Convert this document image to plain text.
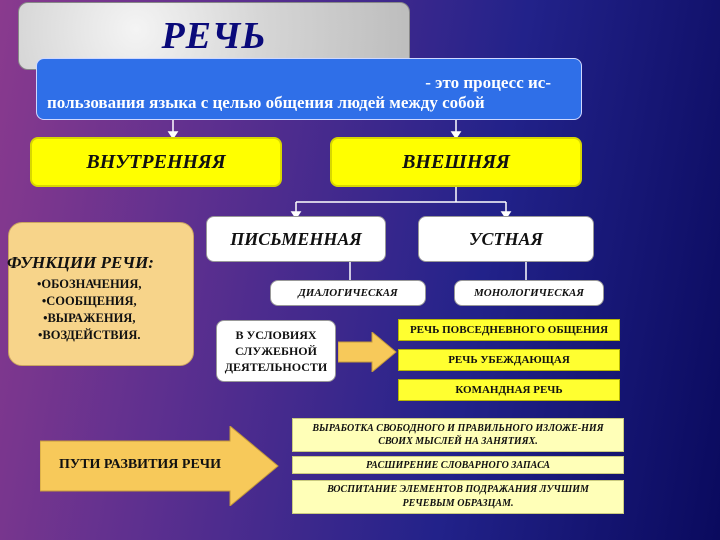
РЕЧЬ
- это процесс ис-
пользования языка с целью общения людей между собой
ВНУТРЕННЯЯ	ВНЕШНЯЯ
ПИСЬМЕННАЯ	УСТНАЯ
ДИАЛОГИЧЕСКАЯ	МОНОЛОГИЧЕСКАЯ
ФУНКЦИИ РЕЧИ:
•ОБОЗНАЧЕНИЯ,
•СООБЩЕНИЯ,
•ВЫРАЖЕНИЯ,
•ВОЗДЕЙСТВИЯ.	В УСЛОВИЯХ СЛУЖЕБНОЙ ДЕЯТЕЛЬНОСТИ
РЕЧЬ ПОВСЕДНЕВНОГО ОБЩЕНИЯ
РЕЧЬ УБЕЖДАЮЩАЯ
КОМАНДНАЯ РЕЧЬ
ПУТИ РАЗВИТИЯ РЕЧИ
ВЫРАБОТКА СВОБОДНОГО И ПРАВИЛЬНОГО ИЗЛОЖЕ-НИЯ СВОИХ МЫСЛЕЙ НА ЗАНЯТИЯХ.
РАСШИРЕНИЕ СЛОВАРНОГО ЗАПАСА
ВОСПИТАНИЕ ЭЛЕМЕНТОВ ПОДРАЖАНИЯ ЛУЧШИМ РЕЧЕВЫМ ОБРАЗЦАМ.
